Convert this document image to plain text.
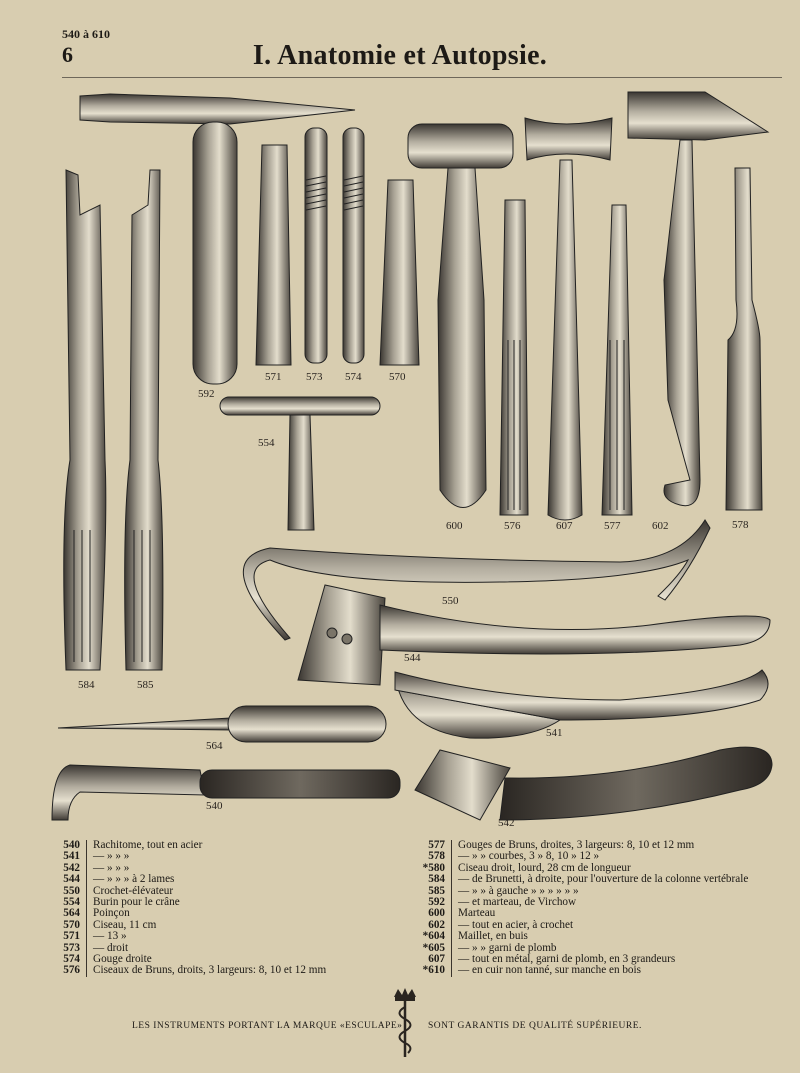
540 à 610
6	I. Anatomie et Autopsie.
592
571 573 574	570
554
600	576	607	577	602	578
584	585
550
544
564
541
540
542
540	Rachitome, tout en acier
541	— » » »
542	— » » »
544	— » » » à 2 lames
550	Crochet-élévateur
554	Burin pour le crâne
564	Poinçon
570	Ciseau, 11 cm
571	— 13 »
573	— droit
574	Gouge droite
576	Ciseaux de Bruns, droits, 3 largeurs: 8, 10 et 12 mm
577	Gouges de Bruns, droites, 3 largeurs: 8, 10 et 12 mm
578	— » » courbes, 3 » 8, 10 » 12 »
*580	Ciseau droit, lourd, 28 cm de longueur
584	— de Brunetti, à droite, pour l'ouverture de la colonne vertébrale
585	— » » à gauche » » » » » »
592	— et marteau, de Virchow
600	Marteau
602	— tout en acier, à crochet
*604	Maillet, en buis
*605	— » » garni de plomb
607	— tout en métal, garni de plomb, en 3 grandeurs
*610	— en cuir non tanné, sur manche en bois
LES INSTRUMENTS PORTANT LA MARQUE «ESCULAPE»	SONT GARANTIS DE QUALITÉ SUPÉRIEURE.
